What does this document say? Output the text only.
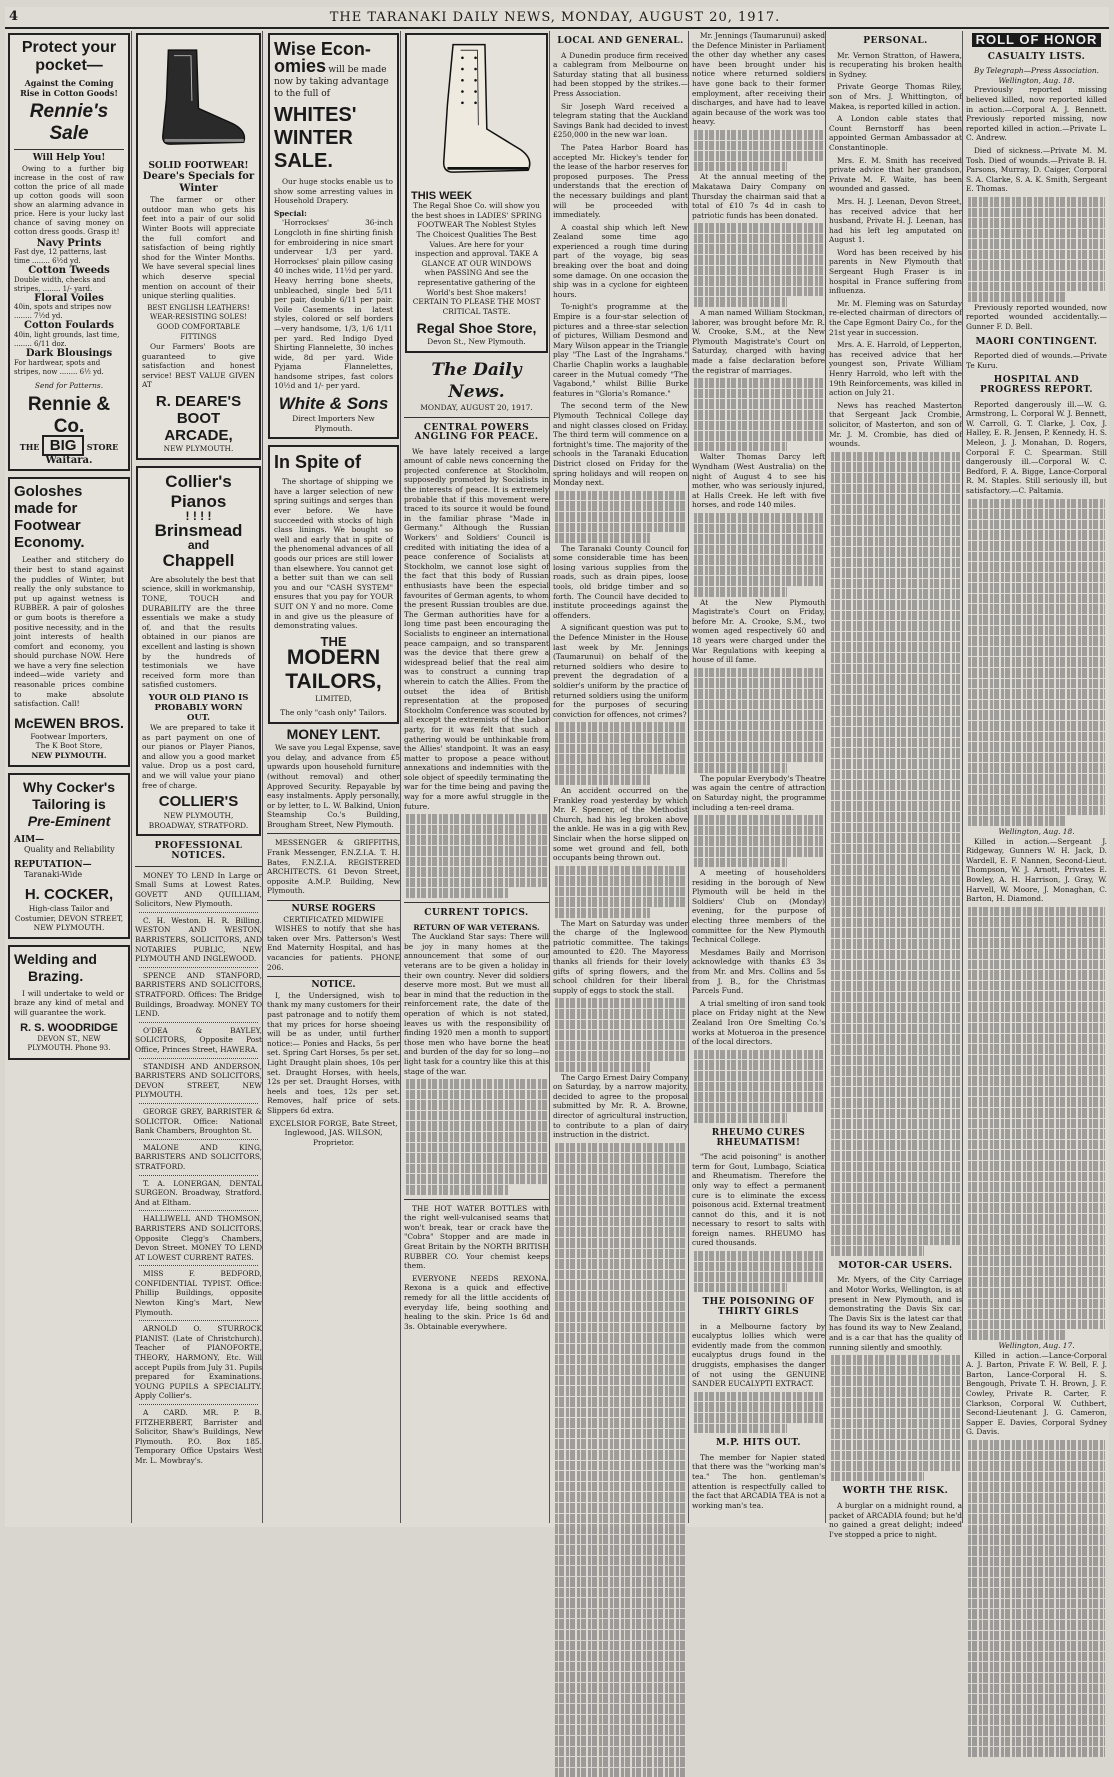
4	THE TARANAKI DAILY NEWS, MONDAY, AUGUST 20, 1917.
Protect your
pocket—
Against the Coming Rise in Cotton Goods!
Rennie's Sale
Will Help You!

Owing to a further big increase in the cost of raw cotton the price of all made up cotton goods will soon show an alarming advance in price. Here is your lucky last chance of saving money on cotton dress goods. Grasp it!

Navy Prints
Fast dye, 12 patterns, last time ........ 6½d yd.
Cotton Tweeds
Double width, checks and stripes, ........ 1/- yard.
Floral Voiles
40in, spots and stripes now ........ 7½d yd.
Cotton Foulards
40in, light grounds, last time, ........ 6/11 doz.
Dark Blousings
For hardwear, spots and stripes, now ........ 6½ yd.
Send for Patterns.
Rennie & Co.
THE BIG STORE
Waitara.
Goloshes
made for
Footwear
Economy.

Leather and stitchery do their best to stand against the puddles of Winter, but really the only substance to put up against wetness is RUBBER. A pair of goloshes or gum boots is therefore a positive necessity, and in the joint interests of health comfort and economy, you should purchase NOW. Here we have a very fine selection indeed—wide variety and reasonable prices combine to make absolute satisfaction. Call!

McEWEN BROS.
Footwear Importers,
The K Boot Store,
NEW PLYMOUTH.
Why Cocker's
Tailoring is
Pre-Eminent
AIM—
Quality and Reliability
REPUTATION—
Taranaki-Wide
H. COCKER,
High-class Tailor and Costumier, DEVON STREET, NEW PLYMOUTH.
Welding and
Brazing.

I will undertake to weld or braze any kind of metal and will guarantee the work.

R. S. WOODRIDGE
DEVON ST., NEW PLYMOUTH. Phone 93.
SOLID FOOTWEAR!
Deare's Specials for Winter

The farmer or other outdoor man who gets his feet into a pair of our solid Winter Boots will appreciate the full comfort and satisfaction of being rightly shod for the Winter Months. We have several special lines which deserve special mention on account of their unique sterling qualities.

BEST ENGLISH LEATHERS! WEAR-RESISTING SOLES! GOOD COMFORTABLE FITTINGS

Our Farmers' Boots are guaranteed to give satisfaction and honest service! BEST VALUE GIVEN AT

R. DEARE'S BOOT ARCADE,
NEW PLYMOUTH.
Collier's
Pianos
! ! ! !
Brinsmead
and
Chappell

Are absolutely the best that science, skill in workmanship, TONE, TOUCH and DURABILITY are the three essentials we make a study of, and that the results obtained in our pianos are excellent and lasting is shown by the hundreds of testimonials we have received form more than satisfied customers.

YOUR OLD PIANO IS PROBABLY WORN OUT.

We are prepared to take it as part payment on one of our pianos or Player Pianos, and allow you a good market value. Drop us a post card, and we will value your piano free of charge.

COLLIER'S
NEW PLYMOUTH,
BROADWAY, STRATFORD.
PROFESSIONAL NOTICES.

MONEY TO LEND In Large or Small Sums at Lowest Rates. GOVETT AND QUILLIAM, Solicitors, New Plymouth.

C. H. Weston. H. R. Billing. WESTON AND WESTON, BARRISTERS, SOLICITORS, AND NOTARIES PUBLIC, NEW PLYMOUTH AND INGLEWOOD.

SPENCE AND STANFORD, BARRISTERS AND SOLICITORS, STRATFORD. Offices: The Bridge Buildings, Broadway. MONEY TO LEND.

O'DEA & BAYLEY, SOLICITORS, Opposite Post Office, Princes Street, HAWERA.

STANDISH AND ANDERSON, BARRISTERS AND SOLICITORS, DEVON STREET, NEW PLYMOUTH.

GEORGE GREY, BARRISTER & SOLICITOR. Office: National Bank Chambers, Broughton St.

MALONE AND KING, BARRISTERS AND SOLICITORS, STRATFORD.

T. A. LONERGAN, DENTAL SURGEON. Broadway, Stratford. And at Eltham.

HALLIWELL AND THOMSON, BARRISTERS AND SOLICITORS. Opposite Clegg's Chambers, Devon Street. MONEY TO LEND AT LOWEST CURRENT RATES.

MISS F. BEDFORD, CONFIDENTIAL TYPIST. Office: Phillip Buildings, opposite Newton King's Mart, New Plymouth.

ARNOLD O. STURROCK PIANIST. (Late of Christchurch). Teacher of PIANOFORTE, THEORY, HARMONY, Etc. Will accept Pupils from July 31. Pupils prepared for Examinations. YOUNG PUPILS A SPECIALITY. Apply Collier's.

A CARD. MR. P. B. FITZHERBERT, Barrister and Solicitor, Shaw's Buildings, New Plymouth. P.O. Box 185. Temporary Office Upstairs West Mr. L. Mowbray's.

Wise Econ-
omies will be made now by taking advantage to the full of
WHITES' WINTER SALE.

Our huge stocks enable us to show some arresting values in Household Drapery.

Special:

'Horrockses' 36-inch Longcloth in fine shirting finish for embroidering in nice smart undervear 1/3 per yard. Horrockses' plain pillow casing 40 inches wide, 11½d per yard. Heavy herring bone sheets, unbleached, single bed 5/11 per pair, double 6/11 per pair. Voile Casements in latest styles, colored or self borders —very handsome, 1/3, 1/6 1/11 per yard. Red Indigo Dyed Shirting Flannelette, 30 inches wide, 8d per yard. Wide Pyjama Flannelettes, handsome stripes, fast colors 10½d and 1/- per yard.

White & Sons
Direct Importers New Plymouth.
In Spite of

The shortage of shipping we have a larger selection of new spring suitings and serges than ever before. We have succeeded with stocks of high class linings. We bought so well and early that in spite of the phenomenal advances of all goods our prices are still lower than elsewhere. You cannot get a better suit than we can sell you and our "CASH SYSTEM" ensures that you pay for YOUR SUIT ON Y and no more. Come in and give us the pleasure of demonstrating values.

THE
MODERN
TAILORS,
LIMITED,
The only "cash only" Tailors.
MONEY LENT.

We save you Legal Expense, save you delay, and advance from £5 upwards upon household furniture (without removal) and other Approved Security. Repayable by easy instalments. Apply personally, or by letter, to L. W. Balkind, Union Steamship Co.'s Building, Brougham Street, New Plymouth.

MESSENGER & GRIFFITHS, Frank Messenger, F.N.Z.I.A. T. H. Bates, F.N.Z.I.A. REGISTERED ARCHITECTS. 61 Devon Street, opposite A.M.P. Building, New Plymouth.

NURSE ROGERS
CERTIFICATED MIDWIFE

WISHES to notify that she has taken over Mrs. Patterson's West End Maternity Hospital, and has vacancies for patients. PHONE 206.

NOTICE.

I, the Undersigned, wish to thank my many customers for their past patronage and to notify them that my prices for horse shoeing will be as under, until further notice:— Ponies and Hacks, 5s per set. Spring Cart Horses, 5s per set. Light Draught plain shoes, 10s per set. Draught Horses, with heels, 12s per set. Draught Horses, with heels and toes, 12s per set. Removes, half price of sets. Slippers 6d extra.

EXCELSIOR FORGE, Bate Street, Inglewood, JAS. WILSON, Proprietor.
THIS WEEK

The Regal Shoe Co. will show you the best shoes in LADIES' SPRING FOOTWEAR The Noblest Styles The Choicest Qualities The Best Values. Are here for your inspection and approval. TAKE A GLANCE AT OUR WINDOWS when PASSING And see the representative gathering of the World's best Shoe makers! CERTAIN TO PLEASE THE MOST CRITICAL TASTE.

Regal Shoe Store,
Devon St., New Plymouth.
The Daily News.
MONDAY, AUGUST 20, 1917.
CENTRAL POWERS ANGLING FOR PEACE.

We have lately received a large amount of cable news concerning the projected conference at Stockholm, supposedly promoted by Socialists in the interests of peace. It is extremely probable that if this movement were traced to its source it would be found in the familiar phrase "Made in Germany." Although the Russian Workers' and Soldiers' Council is credited with initiating the idea of a peace conference of Socialists at Stockholm, we cannot lose sight of the fact that this body of Russian enthusiasts have been the especial favourites of German agents, to whom the present Russian troubles are due. The German authorities have for a long time past been encouraging the Socialists to engineer an international peace campaign, and so transparent was the device that there grew a widespread belief that the real aim was to construct a cunning trap wherein to catch the Allies. From the outset the idea of British representation at the proposed Stockholm Conference was scouted by all except the extremists of the Labor party, for it was felt that such a gathering would be unthinkable from the Allies' standpoint. It was an easy matter to propose a peace without annexations and indemnities with the sole object of speedily terminating the war for the time being and paving the way for a more awful struggle in the future.

CURRENT TOPICS.
RETURN OF WAR VETERANS.

The Auckland Star says: There will be joy in many homes at the announcement that some of our veterans are to be given a holiday in their own country. Never did soldiers deserve more most. But we must all bear in mind that the reduction in the reinforcement rate, the date of the operation of which is not stated, leaves us with the responsibility of finding 1920 men a month to support those men who have borne the heat and burden of the day for so long—no light task for a country like this at this stage of the war.

THE HOT WATER BOTTLES with the right well-vulcanised seams that won't break, tear or crack have the "Cobra" Stopper and are made in Great Britain by the NORTH BRITISH RUBBER CO. Your chemist keeps them.

EVERYONE NEEDS REXONA. Rexona is a quick and effective remedy for all the little accidents of everyday life, being soothing and healing to the skin. Price 1s 6d and 3s. Obtainable everywhere.

LOCAL AND GENERAL.

A Dunedin produce firm received a cablegram from Melbourne on Saturday stating that all business had been stopped by the strikes.—Press Association.

Sir Joseph Ward received a telegram stating that the Auckland Savings Bank had decided to invest £250,000 in the new war loan.

The Patea Harbor Board has accepted Mr. Hickey's tender for the lease of the harbor reserves for proposed purposes. The Press understands that the erection of the necessary buildings and plant will be proceeded with immediately.

A coastal ship which left New Zealand some time ago experienced a rough time during part of the voyage, big seas breaking over the boat and doing some damage. On one occasion the ship was in a cyclone for eighteen hours.

To-night's programme at the Empire is a four-star selection of pictures and a three-star selection of pictures, William Desmond and Mary Wilson appear in the Triangle play "The Last of the Ingrahams." Charlie Chaplin works a laughable career in the Mutual comedy "The Vagabond," whilst Billie Burke features in "Gloria's Romance."

The second term of the New Plymouth Technical College day and night classes closed on Friday. The third term will commence on a fortnight's time. The majority of the schools in the Taranaki Education District closed on Friday for the spring holidays and will reopen on Monday next.

The Taranaki County Council for some considerable time has been losing various supplies from the roads, such as drain pipes, loose tools, old bridge timber and so forth. The Council have decided to institute proceedings against the offenders.

A significant question was put to the Defence Minister in the House last week by Mr. Jennings (Taumarunui) on behalf of the returned soldiers who desire to prevent the degradation of a soldier's uniform by the practice of returned soldiers using the uniform for the purposes of securing conviction for offences, not crimes?

An accident occurred on the Frankley road yesterday by which Mr. F. Spencer, of the Methodist Church, had his leg broken above the ankle. He was in a gig with Rev. Sinclair when the horse slipped on some wet ground and fell, both occupants being thrown out.

The Mart on Saturday was under the charge of the Inglewood patriotic committee. The takings amounted to £20. The Mayoress thanks all friends for their lovely gifts of spring flowers, and the school children for their liberal supply of eggs to stock the stall.

The Cargo Ernest Dairy Company on Saturday, by a narrow majority, decided to agree to the proposal submitted by Mr. R. A. Browne, director of agricultural instruction, to contribute to a plan of dairy instruction in the district.

Mr. Jennings (Taumarunui) asked the Defence Minister in Parliament the other day whether any cases have been brought under his notice where returned soldiers have gone back to their former employment, after receiving their discharges, and have had to leave again because of the work was too heavy.

At the annual meeting of the Makatawa Dairy Company on Thursday the chairman said that a total of £10 7s 4d in cash to patriotic funds has been donated.

A man named William Stockman, laborer, was brought before Mr. R. W. Crooke, S.M., at the New Plymouth Magistrate's Court on Saturday, charged with having made a false declaration before the registrar of marriages.

Walter Thomas Darcy left Wyndham (West Australia) on the night of August 4 to see his mother, who was seriously injured, at Halls Creek. He left with five horses, and rode 140 miles.

At the New Plymouth Magistrate's Court on Friday, before Mr. A. Crooke, S.M., two women aged respectively 60 and 18 years were charged under the War Regulations with keeping a house of ill fame.

The popular Everybody's Theatre was again the centre of attraction on Saturday night, the programme including a ten-reel drama.

A meeting of householders residing in the borough of New Plymouth will be held in the Soldiers' Club on (Monday) evening, for the purpose of electing three members of the committee for the New Plymouth Technical College.

Mesdames Baily and Morrison acknowledge with thanks £3 3s from Mr. and Mrs. Collins and 5s from J. B., for the Christmas Parcels Fund.

A trial smelting of iron sand took place on Friday night at the New Zealand Iron Ore Smelting Co.'s works at Motueroa in the presence of the local directors.

RHEUMO CURES RHEUMATISM!

"The acid poisoning" is another term for Gout, Lumbago, Sciatica and Rheumatism. Therefore the only way to effect a permanent cure is to eliminate the excess poisonous acid. External treatment cannot do this, and it is not necessary to resort to salts with foreign names. RHEUMO has cured thousands.

THE POISONING OF THIRTY GIRLS

in a Melbourne factory by eucalyptus lollies which were evidently made from the common eucalyptus drugs found in the druggists, emphasises the danger of not using the GENUINE SANDER EUCALYPTI EXTRACT.

M.P. HITS OUT.

The member for Napier stated that there was the "working man's tea." The hon. gentleman's attention is respectfully called to the fact that ARCADIA TEA is not a working man's tea.

PERSONAL.

Mr. Vernon Stratton, of Hawera, is recuperating his broken health in Sydney.

Private George Thomas Riley, son of Mrs. J. Whittington, of Makea, is reported killed in action.

A London cable states that Count Bernstorff has been appointed German Ambassador at Constantinople.

Mrs. E. M. Smith has received private advice that her grandson, Private M. F. Waite, has been wounded and gassed.

Mrs. H. J. Leenan, Devon Street, has received advice that her husband, Private H. J. Leenan, has had his left leg amputated on August 1.

Word has been received by his parents in New Plymouth that Sergeant Hugh Fraser is in hospital in France suffering from influenza.

Mr. M. Fleming was on Saturday re-elected chairman of directors of the Cape Egmont Dairy Co., for the 21st year in succession.

Mrs. A. E. Harrold, of Lepperton, has received advice that her youngest son, Private William Henry Harrold, who left with the 19th Reinforcements, was killed in action on July 21.

News has reached Masterton that Sergeant Jack Crombie, solicitor, of Masterton, and son of Mr. J. M. Crombie, has died of wounds.

MOTOR-CAR USERS.

Mr. Myers, of the City Carriage and Motor Works, Wellington, is at present in New Plymouth, and is demonstrating the Davis Six car. The Davis Six is the latest car that has found its way to New Zealand, and is a car that has the quality of running silently and smoothly.

WORTH THE RISK.

A burglar on a midnight round, a packet of ARCADIA found; but he'd no gained a great delight; indeed I've stopped a price to night.

ROLL OF HONOR
CASUALTY LISTS.
By Telegraph—Press Association. Wellington, Aug. 18.

Previously reported missing believed killed, now reported killed in action.—Corporal A. J. Bennett. Previously reported missing, now reported killed in action.—Private L. C. Andrew.

Died of sickness.—Private M. M. Tosh. Died of wounds.—Private B. H. Parsons, Murray, D. Caiger, Corporal S. A. Clarke, S. A. K. Smith, Sergeant E. Thomas.

Previously reported wounded, now reported wounded accidentally.—Gunner F. D. Bell.

MAORI CONTINGENT.

Reported died of wounds.—Private Te Kuru.

HOSPITAL AND PROGRESS REPORT.

Reported dangerously ill.—W. G. Armstrong, L. Corporal W. J. Bennett, W. Carroll, G. T. Clarke, J. Cox, J. Halley, E. R. Jensen, P. Kennedy, H. S. Meleon, J. J. Monahan, D. Rogers, Corporal F. C. Spearman. Still dangerously ill.—Corporal W. C. Bedford, F. A. Bigge, Lance-Corporal R. M. Staples. Still seriously ill, but satisfactory.—C. Paltamia.

Wellington, Aug. 18.

Killed in action.—Sergeant J. Ridgeway, Gunners W. H. Jack, D. Wardell, E. F. Nannen, Second-Lieut. Thompson, W. J. Arnott, Privates E. Bowley, A. H. Harrison, J. Gray, W. Harvell, W. Moore, J. Monaghan, C. Barton, H. Diamond.

Wellington, Aug. 17.

Killed in action.—Lance-Corporal A. J. Barton, Private F. W. Bell, F. J. Barton, Lance-Corporal H. S. Bengough, Private T. H. Brown, J. F. Cowley, Private R. Carter, F. Clarkson, Corporal W. Cuthbert, Second-Lieutenant J. G. Cameron, Sapper E. Davies, Corporal Sydney G. Davis.
